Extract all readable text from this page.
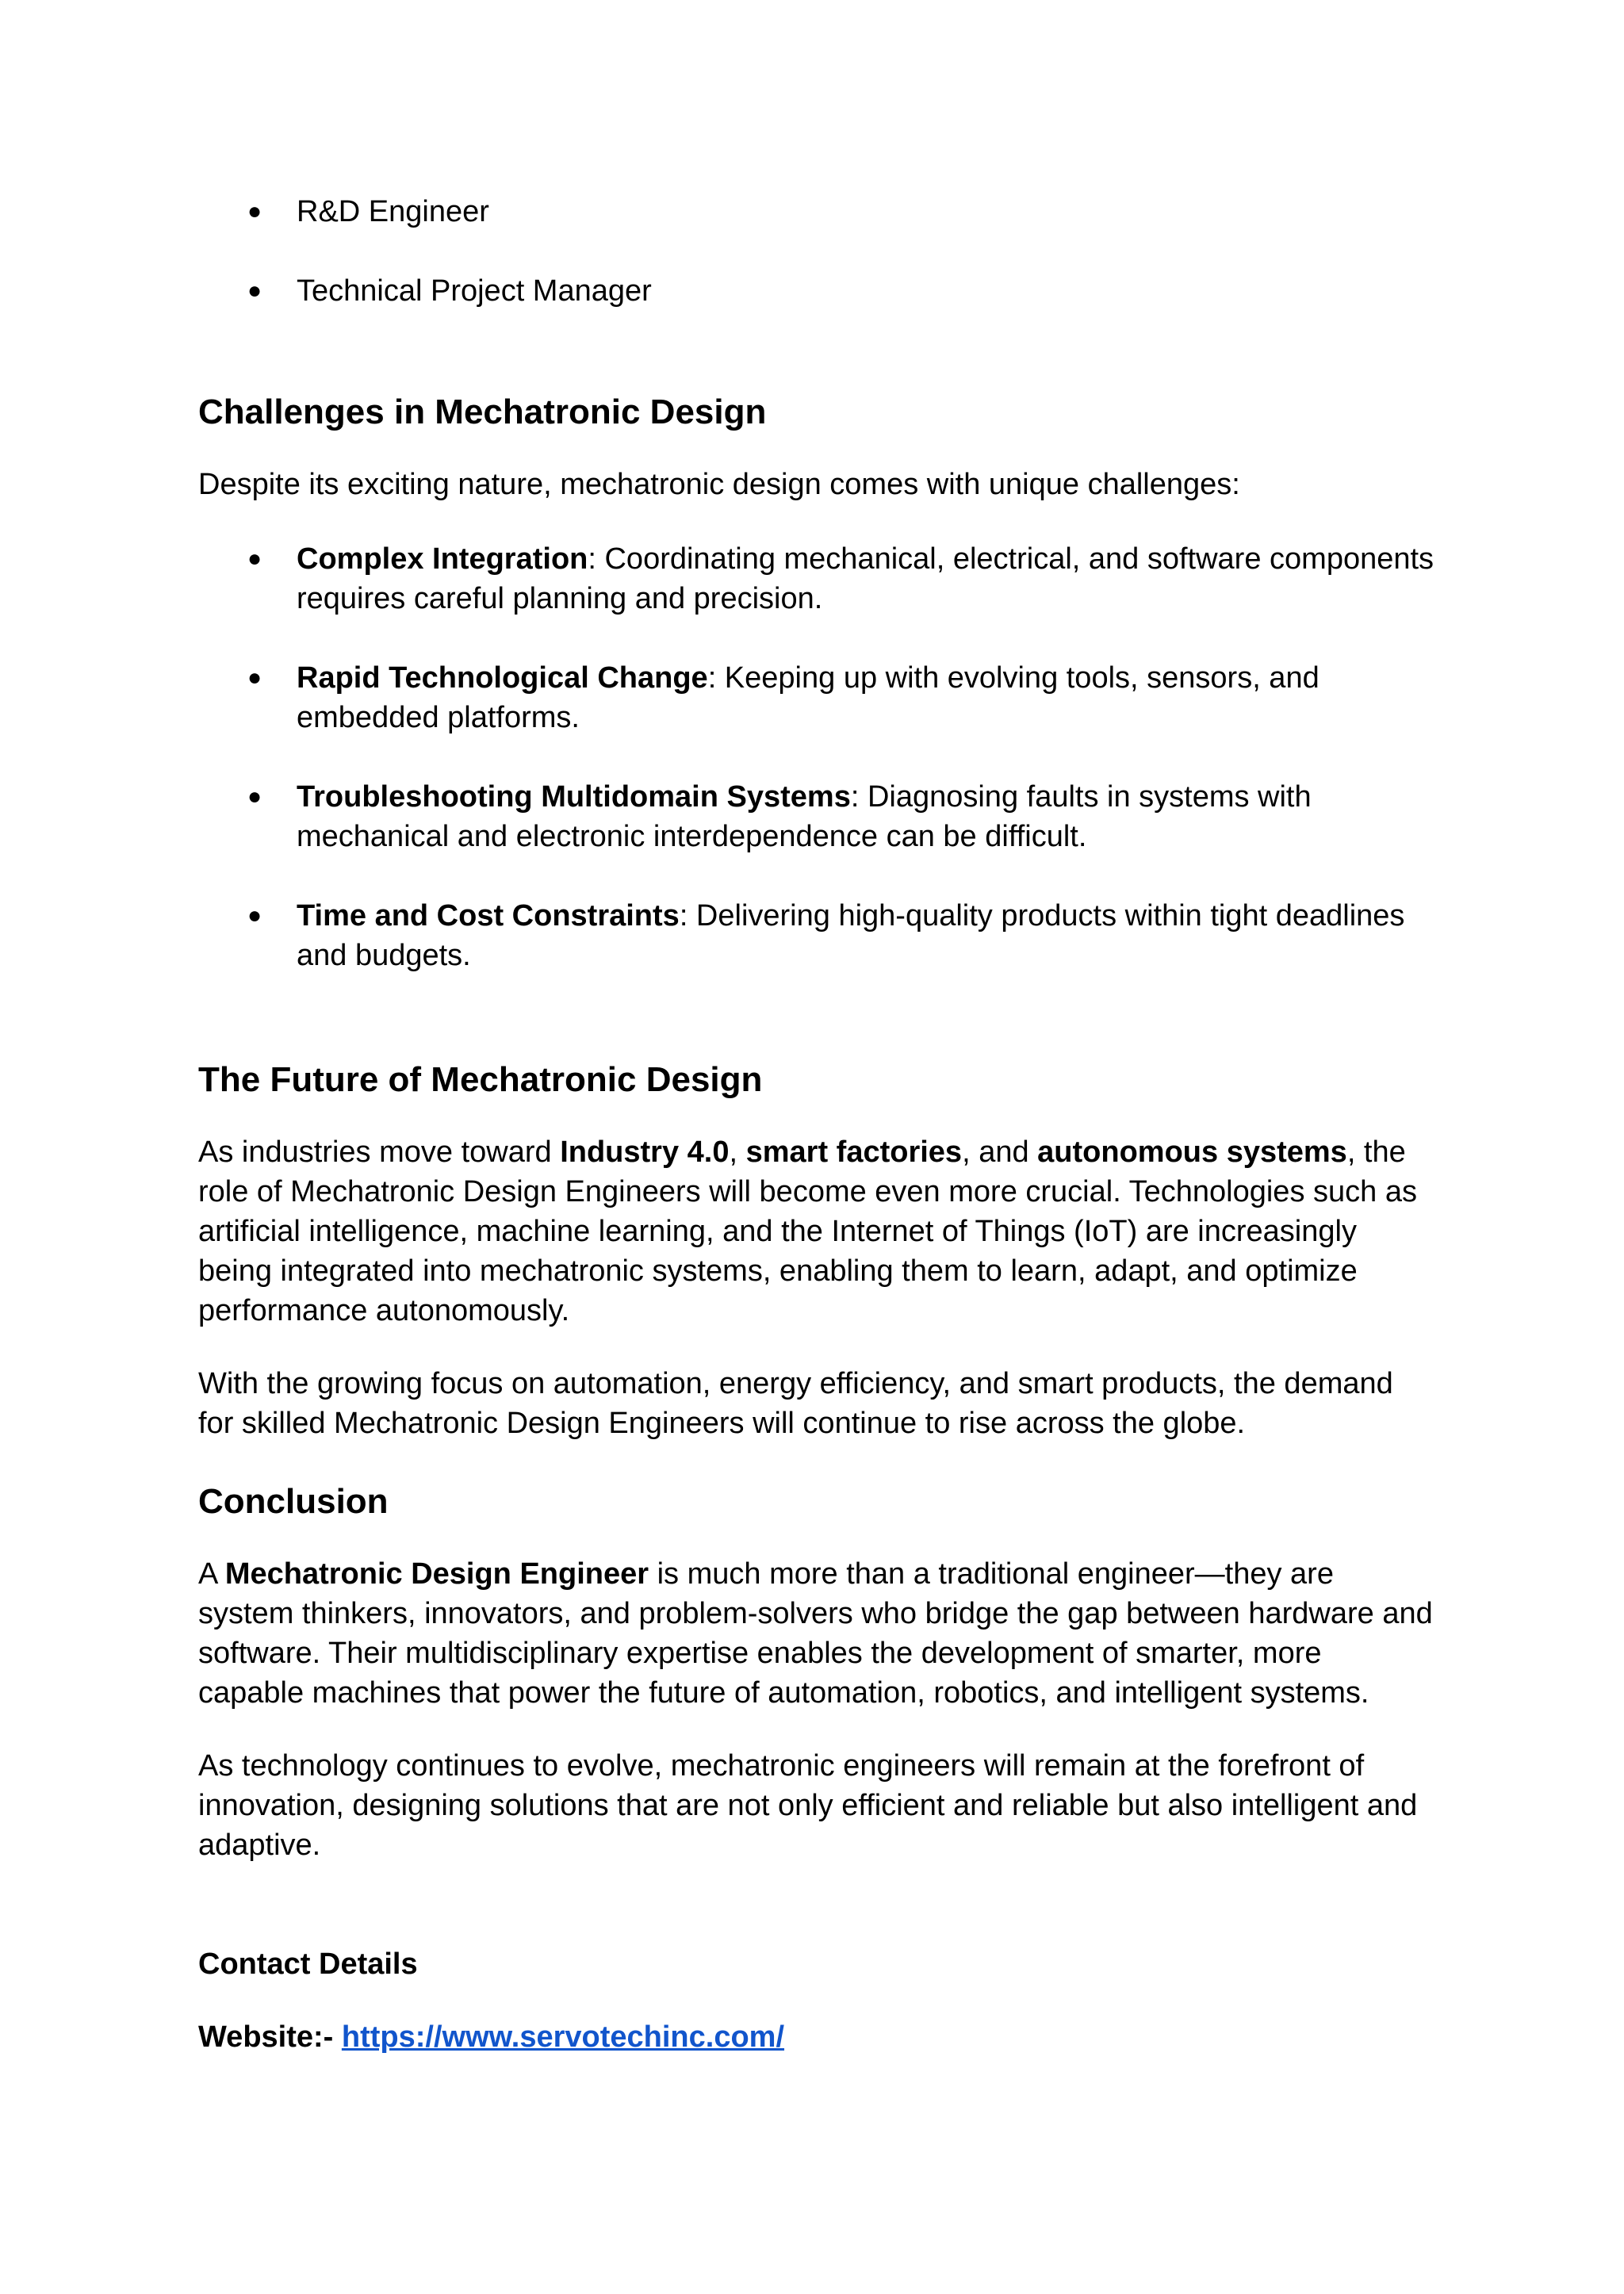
● R&D Engineer
● Technical Project Manager
Challenges in Mechatronic Design

Despite its exciting nature, mechatronic design comes with unique challenges:

● Complex Integration: Coordinating mechanical, electrical, and software components requires careful planning and precision.
● Rapid Technological Change: Keeping up with evolving tools, sensors, and embedded platforms.
● Troubleshooting Multidomain Systems: Diagnosing faults in systems with mechanical and electronic interdependence can be difficult.
● Time and Cost Constraints: Delivering high-quality products within tight deadlines and budgets.
The Future of Mechatronic Design

As industries move toward Industry 4.0, smart factories, and autonomous systems, the role of Mechatronic Design Engineers will become even more crucial. Technologies such as artificial intelligence, machine learning, and the Internet of Things (IoT) are increasingly being integrated into mechatronic systems, enabling them to learn, adapt, and optimize performance autonomously.

With the growing focus on automation, energy efficiency, and smart products, the demand for skilled Mechatronic Design Engineers will continue to rise across the globe.

Conclusion

A Mechatronic Design Engineer is much more than a traditional engineer—they are system thinkers, innovators, and problem-solvers who bridge the gap between hardware and software. Their multidisciplinary expertise enables the development of smarter, more capable machines that power the future of automation, robotics, and intelligent systems.

As technology continues to evolve, mechatronic engineers will remain at the forefront of innovation, designing solutions that are not only efficient and reliable but also intelligent and adaptive.

Contact Details
Website:- https://www.servotechinc.com/
